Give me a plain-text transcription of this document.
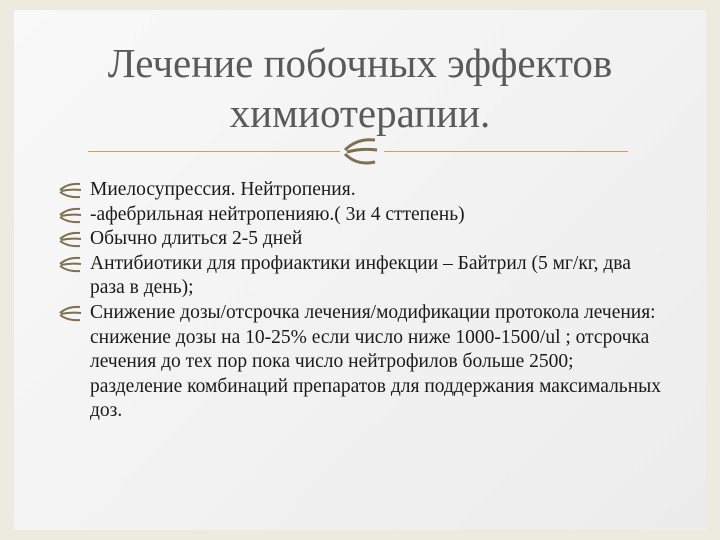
Лечение побочных эффектов химиотерапии.
Миелосупрессия. Нейтропения.
-афебрильная нейтропенияю.( 3и 4 сттепень)
Обычно длиться 2-5 дней
Антибиотики для профиактики инфекции – Байтрил (5 мг/кг, два раза в день);
Снижение дозы/отсрочка лечения/модификации протокола лечения: снижение дозы на 10-25% если число ниже 1000-1500/ul ; отсрочка лечения до тех пор пока число нейтрофилов больше 2500; разделение комбинаций препаратов для поддержания максимальных доз.
